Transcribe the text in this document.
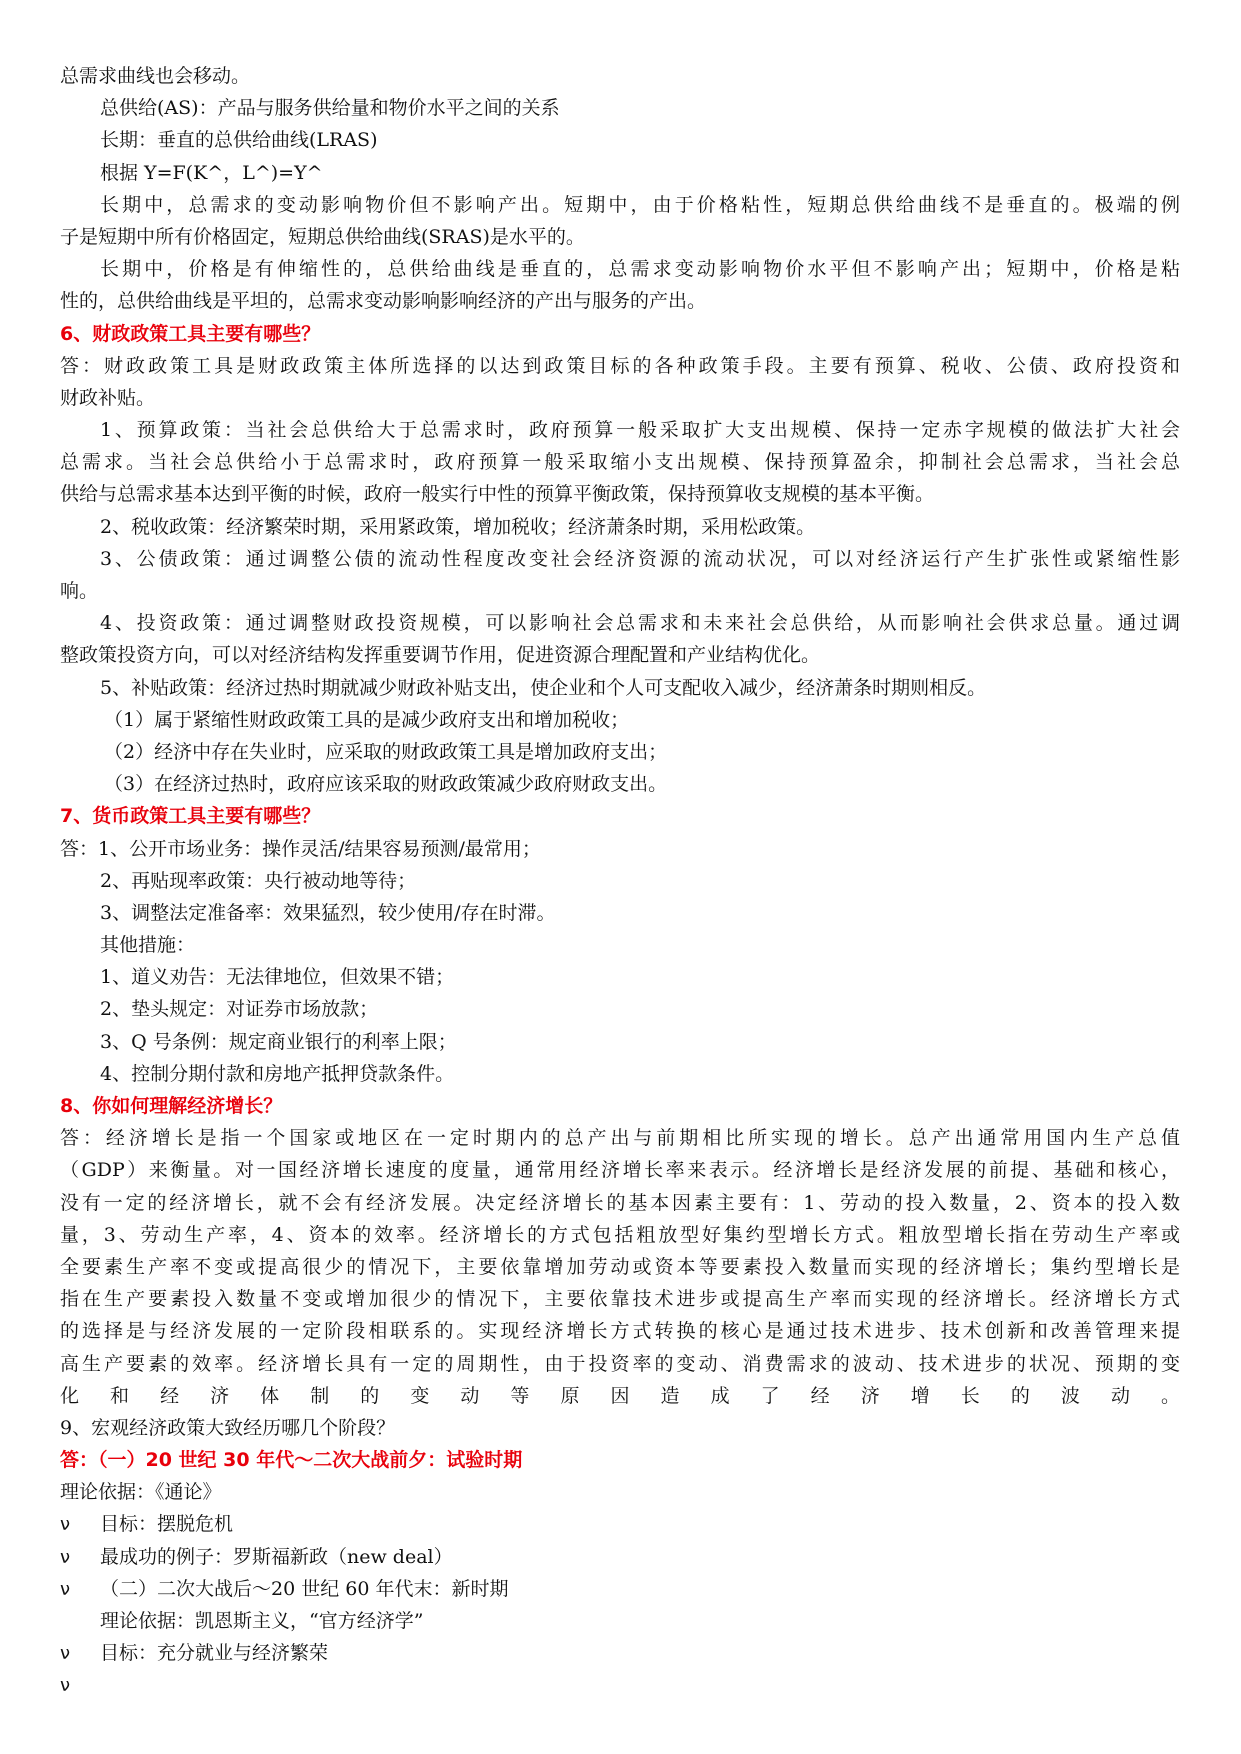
总需求曲线也会移动。
总供给(AS)：产品与服务供给量和物价水平之间的关系
长期：垂直的总供给曲线(LRAS)
根据 Y=F(K^，L^)=Y^
长期中，总需求的变动影响物价但不影响产出。短期中，由于价格粘性，短期总供给曲线不是垂直的。极端的例
子是短期中所有价格固定，短期总供给曲线(SRAS)是水平的。
长期中，价格是有伸缩性的，总供给曲线是垂直的，总需求变动影响物价水平但不影响产出；短期中，价格是粘
性的，总供给曲线是平坦的，总需求变动影响影响经济的产出与服务的产出。
6、财政政策工具主要有哪些？
答：财政政策工具是财政政策主体所选择的以达到政策目标的各种政策手段。主要有预算、税收、公债、政府投资和
财政补贴。
1、预算政策：当社会总供给大于总需求时，政府预算一般采取扩大支出规模、保持一定赤字规模的做法扩大社会
总需求。当社会总供给小于总需求时，政府预算一般采取缩小支出规模、保持预算盈余，抑制社会总需求，当社会总
供给与总需求基本达到平衡的时候，政府一般实行中性的预算平衡政策，保持预算收支规模的基本平衡。
2、税收政策：经济繁荣时期，采用紧政策，增加税收；经济萧条时期，采用松政策。
3、公债政策：通过调整公债的流动性程度改变社会经济资源的流动状况，可以对经济运行产生扩张性或紧缩性影
响。
4、投资政策：通过调整财政投资规模，可以影响社会总需求和未来社会总供给，从而影响社会供求总量。通过调
整政策投资方向，可以对经济结构发挥重要调节作用，促进资源合理配置和产业结构优化。
5、补贴政策：经济过热时期就减少财政补贴支出，使企业和个人可支配收入减少，经济萧条时期则相反。
（1）属于紧缩性财政政策工具的是减少政府支出和增加税收；
（2）经济中存在失业时，应采取的财政政策工具是增加政府支出；
（3）在经济过热时，政府应该采取的财政政策减少政府财政支出。
7、货币政策工具主要有哪些？
答：1、公开市场业务：操作灵活/结果容易预测/最常用；
2、再贴现率政策：央行被动地等待；
3、调整法定准备率：效果猛烈，较少使用/存在时滞。
其他措施：
1、道义劝告：无法律地位，但效果不错；
2、垫头规定：对证券市场放款；
3、Q 号条例：规定商业银行的利率上限；
4、控制分期付款和房地产抵押贷款条件。
8、你如何理解经济增长？
答：经济增长是指一个国家或地区在一定时期内的总产出与前期相比所实现的增长。总产出通常用国内生产总值
（GDP）来衡量。对一国经济增长速度的度量，通常用经济增长率来表示。经济增长是经济发展的前提、基础和核心，
没有一定的经济增长，就不会有经济发展。决定经济增长的基本因素主要有：1、劳动的投入数量，2、资本的投入数
量，3、劳动生产率，4、资本的效率。经济增长的方式包括粗放型好集约型增长方式。粗放型增长指在劳动生产率或
全要素生产率不变或提高很少的情况下，主要依靠增加劳动或资本等要素投入数量而实现的经济增长；集约型增长是
指在生产要素投入数量不变或增加很少的情况下，主要依靠技术进步或提高生产率而实现的经济增长。经济增长方式
的选择是与经济发展的一定阶段相联系的。实现经济增长方式转换的核心是通过技术进步、技术创新和改善管理来提
高生产要素的效率。经济增长具有一定的周期性，由于投资率的变动、消费需求的波动、技术进步的状况、预期的变
化和经济体制的变动等原因造成了经济增长的波动。
9、宏观经济政策大致经历哪几个阶段？
答：（一）20 世纪 30 年代～二次大战前夕：试验时期
理论依据：《通论》
ν 目标：摆脱危机
ν 最成功的例子：罗斯福新政（new deal）
ν （二）二次大战后～20 世纪 60 年代末：新时期
理论依据：凯恩斯主义，“官方经济学”
ν 目标：充分就业与经济繁荣
ν
